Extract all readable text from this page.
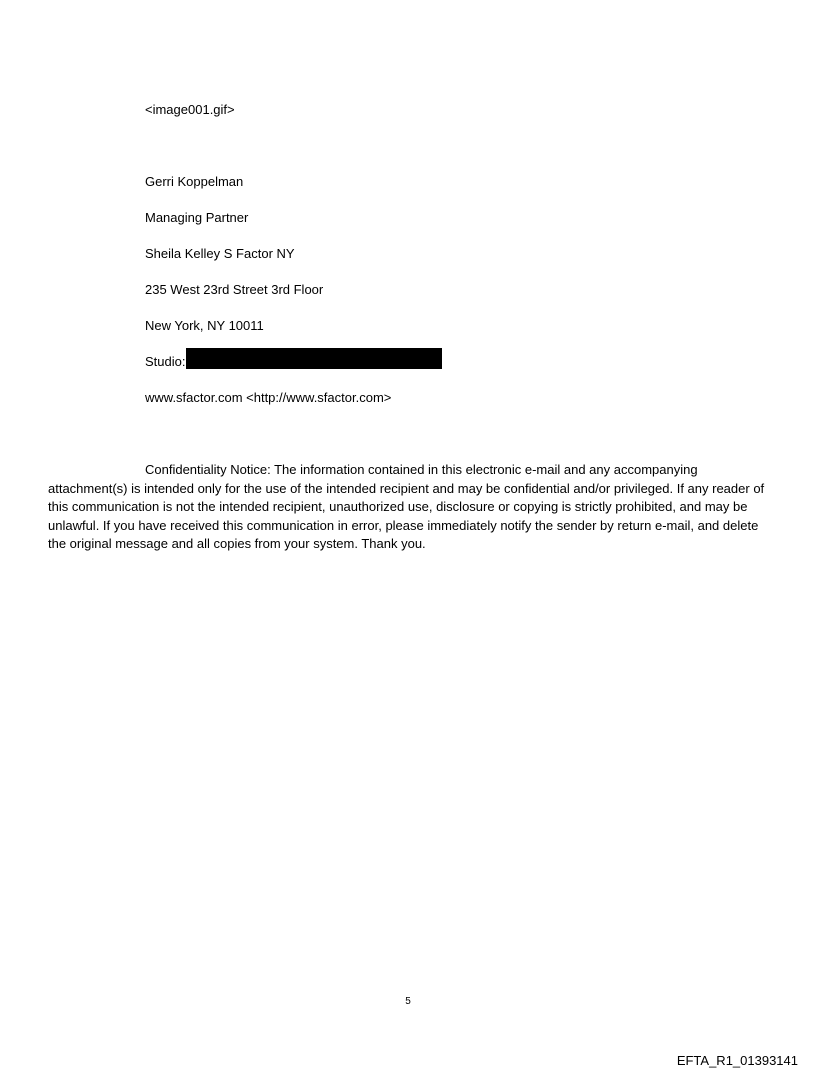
<image001.gif>
Gerri Koppelman
Managing Partner
Sheila Kelley S Factor NY
235 West 23rd Street 3rd Floor
New York, NY 10011
Studio:
www.sfactor.com <http://www.sfactor.com>

Confidentiality Notice: The information contained in this electronic e-mail and any accompanying attachment(s) is intended only for the use of the intended recipient and may be confidential and/or privileged. If any reader of this communication is not the intended recipient, unauthorized use, disclosure or copying is strictly prohibited, and may be unlawful. If you have received this communication in error, please immediately notify the sender by return e-mail, and delete the original message and all copies from your system. Thank you.

5
EFTA_R1_01393141
